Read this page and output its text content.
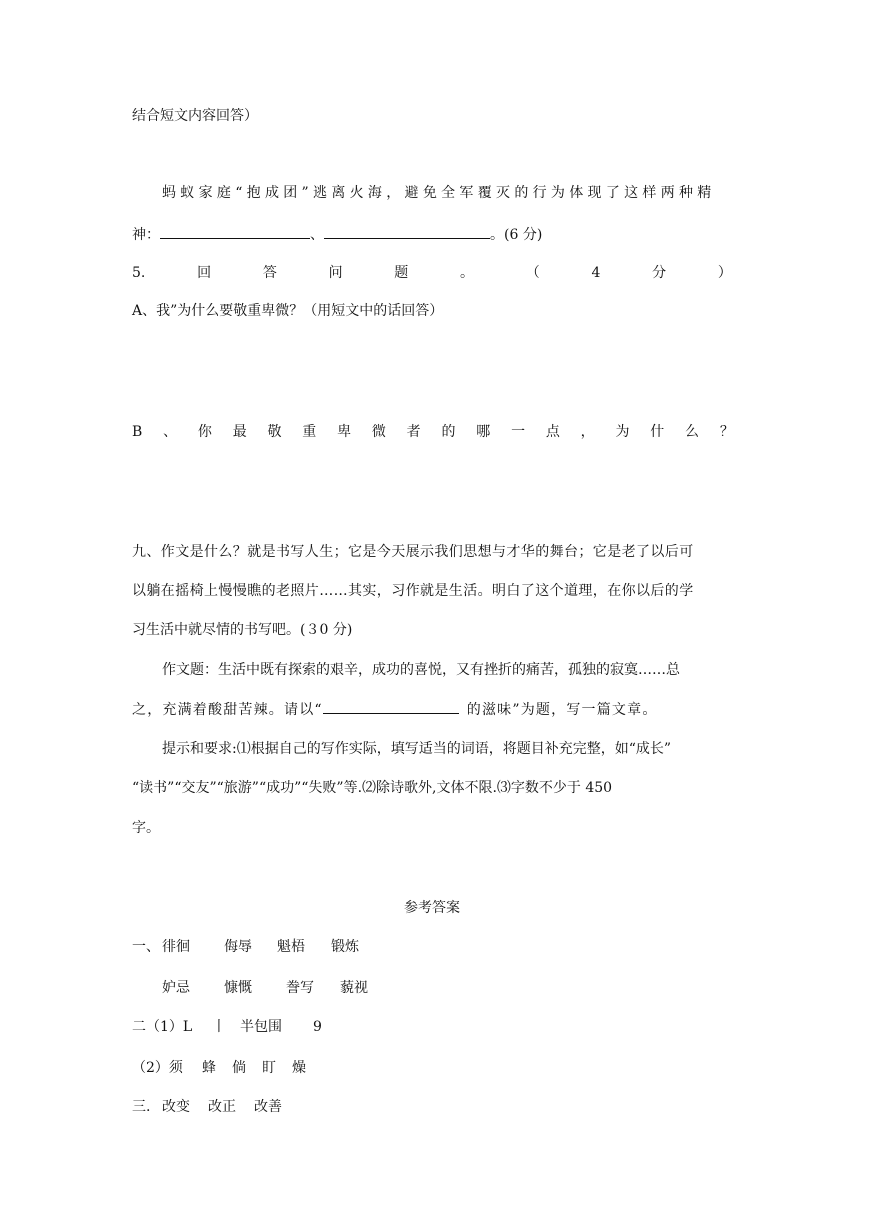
结合短文内容回答）
蚂蚁家庭“抱成团”逃离火海，避免全军覆灭的行为体现了这样两种精
神：	、	。(6 分)
5.	回	答	问	题	。	（	4	分	）
A、我”为什么要敬重卑微？（用短文中的话回答）
B 、 你 最 敬 重 卑 微 者 的 哪 一 点 ， 为 什 么 ？
九、作文是什么？就是书写人生；它是今天展示我们思想与才华的舞台；它是老了以后可
以躺在摇椅上慢慢瞧的老照片……其实，习作就是生活。明白了这个道理，在你以后的学
习生活中就尽情的书写吧。(３0 分)
作文题：生活中既有探索的艰辛，成功的喜悦，又有挫折的痛苦，孤独的寂寞……总
之，充满着酸甜苦辣。请以“	的滋味”为题，写一篇文章。
提示和要求:⑴根据自己的写作实际，填写适当的词语，将题目补充完整，如“成长”
“读书”“交友”“旅游”“成功”“失败”等.⑵除诗歌外,文体不限.⑶字数不少于 450
字。
参考答案
一、 徘徊 侮辱 魁梧 锻炼
妒忌 慷慨 誊写 藐视
二（1）L 丨 半包围 9
（2）须 蜂 倘 盯 燥
三. 改变 改正 改善
